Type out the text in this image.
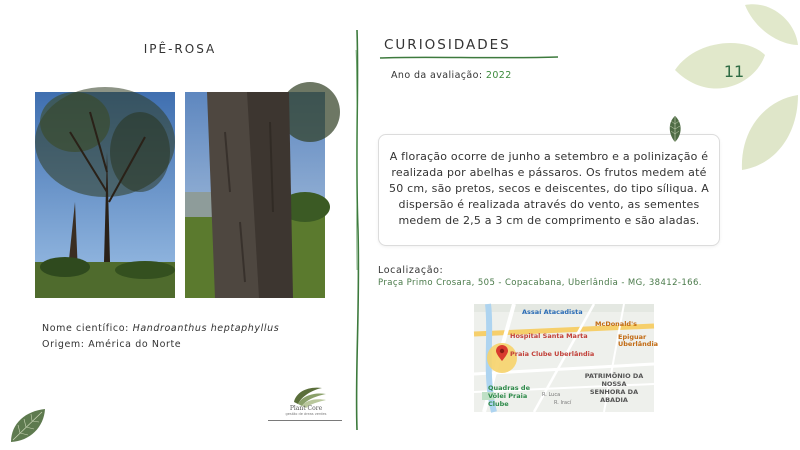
11
IPÊ-ROSA
Nome científico: Handroanthus heptaphyllus
Origem: América do Norte
Plant Core
gestão de áreas verdes
CURIOSIDADES
Ano da avaliação: 2022

A floração ocorre de junho a setembro e a polinização é realizada por abelhas e pássaros. Os frutos medem até 50 cm, são pretos, secos e deiscentes, do tipo síliqua. A dispersão é realizada através do vento, as sementes medem de 2,5 a 3 cm de comprimento e são aladas.

Localização:
Praça Primo Crosara, 505 - Copacabana, Uberlândia - MG, 38412-166.
Assaí Atacadista
McDonald's
Hospital Santa Marta	Epiguar Uberlândia
Praia Clube Uberlândia
PATRIMÔNIO DA NOSSA SENHORA DA ABADIA
Quadras de Vôlei Praia Clube
R. Luca
R. Irací
